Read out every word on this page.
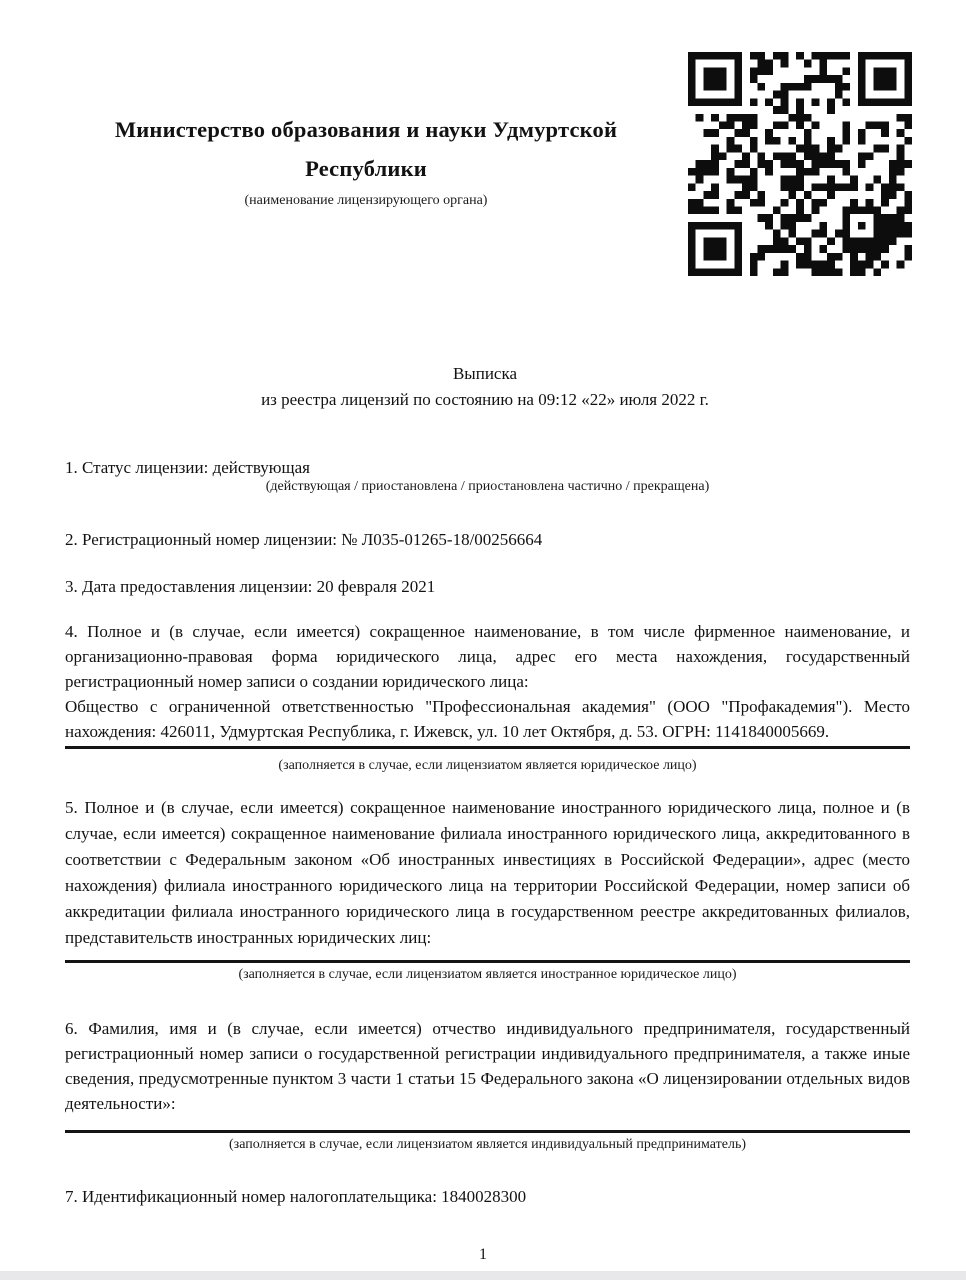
Министерство образования и науки Удмуртской Республики
(наименование лицензирующего органа)
Выписка
из реестра лицензий по состоянию на 09:12 «22» июля 2022 г.
1. Статус лицензии: действующая
(действующая / приостановлена / приостановлена частично / прекращена)
2. Регистрационный номер лицензии: № Л035-01265-18/00256664
3. Дата предоставления лицензии: 20 февраля 2021
4. Полное и (в случае, если имеется) сокращенное наименование, в том числе фирменное наименование, и организационно-правовая форма юридического лица, адрес его места нахождения, государственный регистрационный номер записи о создании юридического лица:
Общество с ограниченной ответственностью "Профессиональная академия" (ООО "Профакадемия"). Место нахождения: 426011, Удмуртская Республика, г. Ижевск, ул. 10 лет Октября, д. 53. ОГРН: 1141840005669.
(заполняется в случае, если лицензиатом является юридическое лицо)
5. Полное и (в случае, если имеется) сокращенное наименование иностранного юридического лица, полное и (в случае, если имеется) сокращенное наименование филиала иностранного юридического лица, аккредитованного в соответствии с Федеральным законом «Об иностранных инвестициях в Российской Федерации», адрес (место нахождения) филиала иностранного юридического лица на территории Российской Федерации, номер записи об аккредитации филиала иностранного юридического лица в государственном реестре аккредитованных филиалов, представительств иностранных юридических лиц:
(заполняется в случае, если лицензиатом является иностранное юридическое лицо)
6. Фамилия, имя и (в случае, если имеется) отчество индивидуального предпринимателя, государственный регистрационный номер записи о государственной регистрации индивидуального предпринимателя, а также иные сведения, предусмотренные пунктом 3 части 1 статьи 15 Федерального закона «О лицензировании отдельных видов деятельности»:
(заполняется в случае, если лицензиатом является индивидуальный предприниматель)
7. Идентификационный номер налогоплательщика: 1840028300
1
